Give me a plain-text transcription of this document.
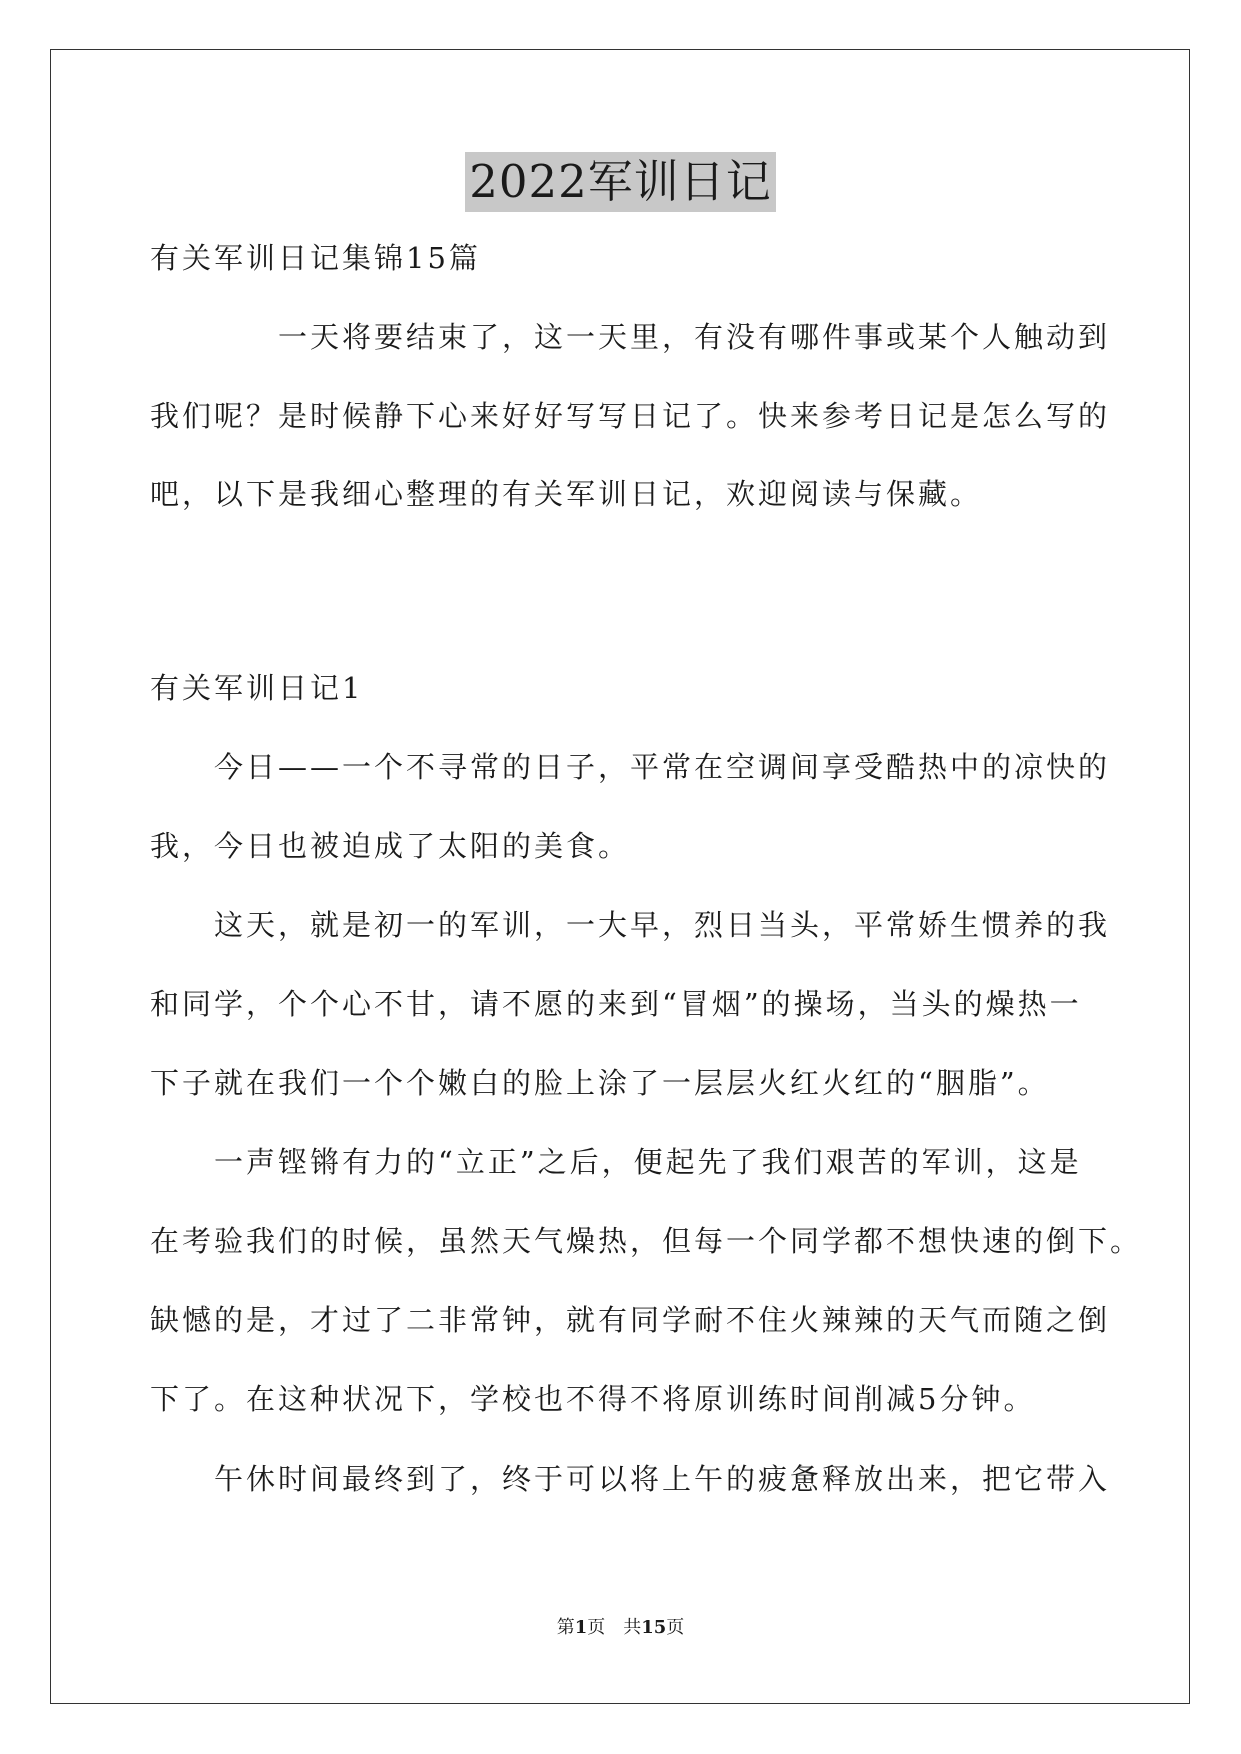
2022军训日记
有关军训日记集锦15篇
　　　　一天将要结束了，这一天里，有没有哪件事或某个人触动到
我们呢？是时候静下心来好好写写日记了。快来参考日记是怎么写的
吧，以下是我细心整理的有关军训日记，欢迎阅读与保藏。
有关军训日记1
　　今日——一个不寻常的日子，平常在空调间享受酷热中的凉快的
我，今日也被迫成了太阳的美食。
　　这天，就是初一的军训，一大早，烈日当头，平常娇生惯养的我
和同学，个个心不甘，请不愿的来到“冒烟”的操场，当头的燥热一
下子就在我们一个个嫩白的脸上涂了一层层火红火红的“胭脂”。
　　一声铿锵有力的“立正”之后，便起先了我们艰苦的军训，这是
在考验我们的时候，虽然天气燥热，但每一个同学都不想快速的倒下。
缺憾的是，才过了二非常钟，就有同学耐不住火辣辣的天气而随之倒
下了。在这种状况下，学校也不得不将原训练时间削减5分钟。
　　午休时间最终到了，终于可以将上午的疲惫释放出来，把它带入
第1页　共15页
